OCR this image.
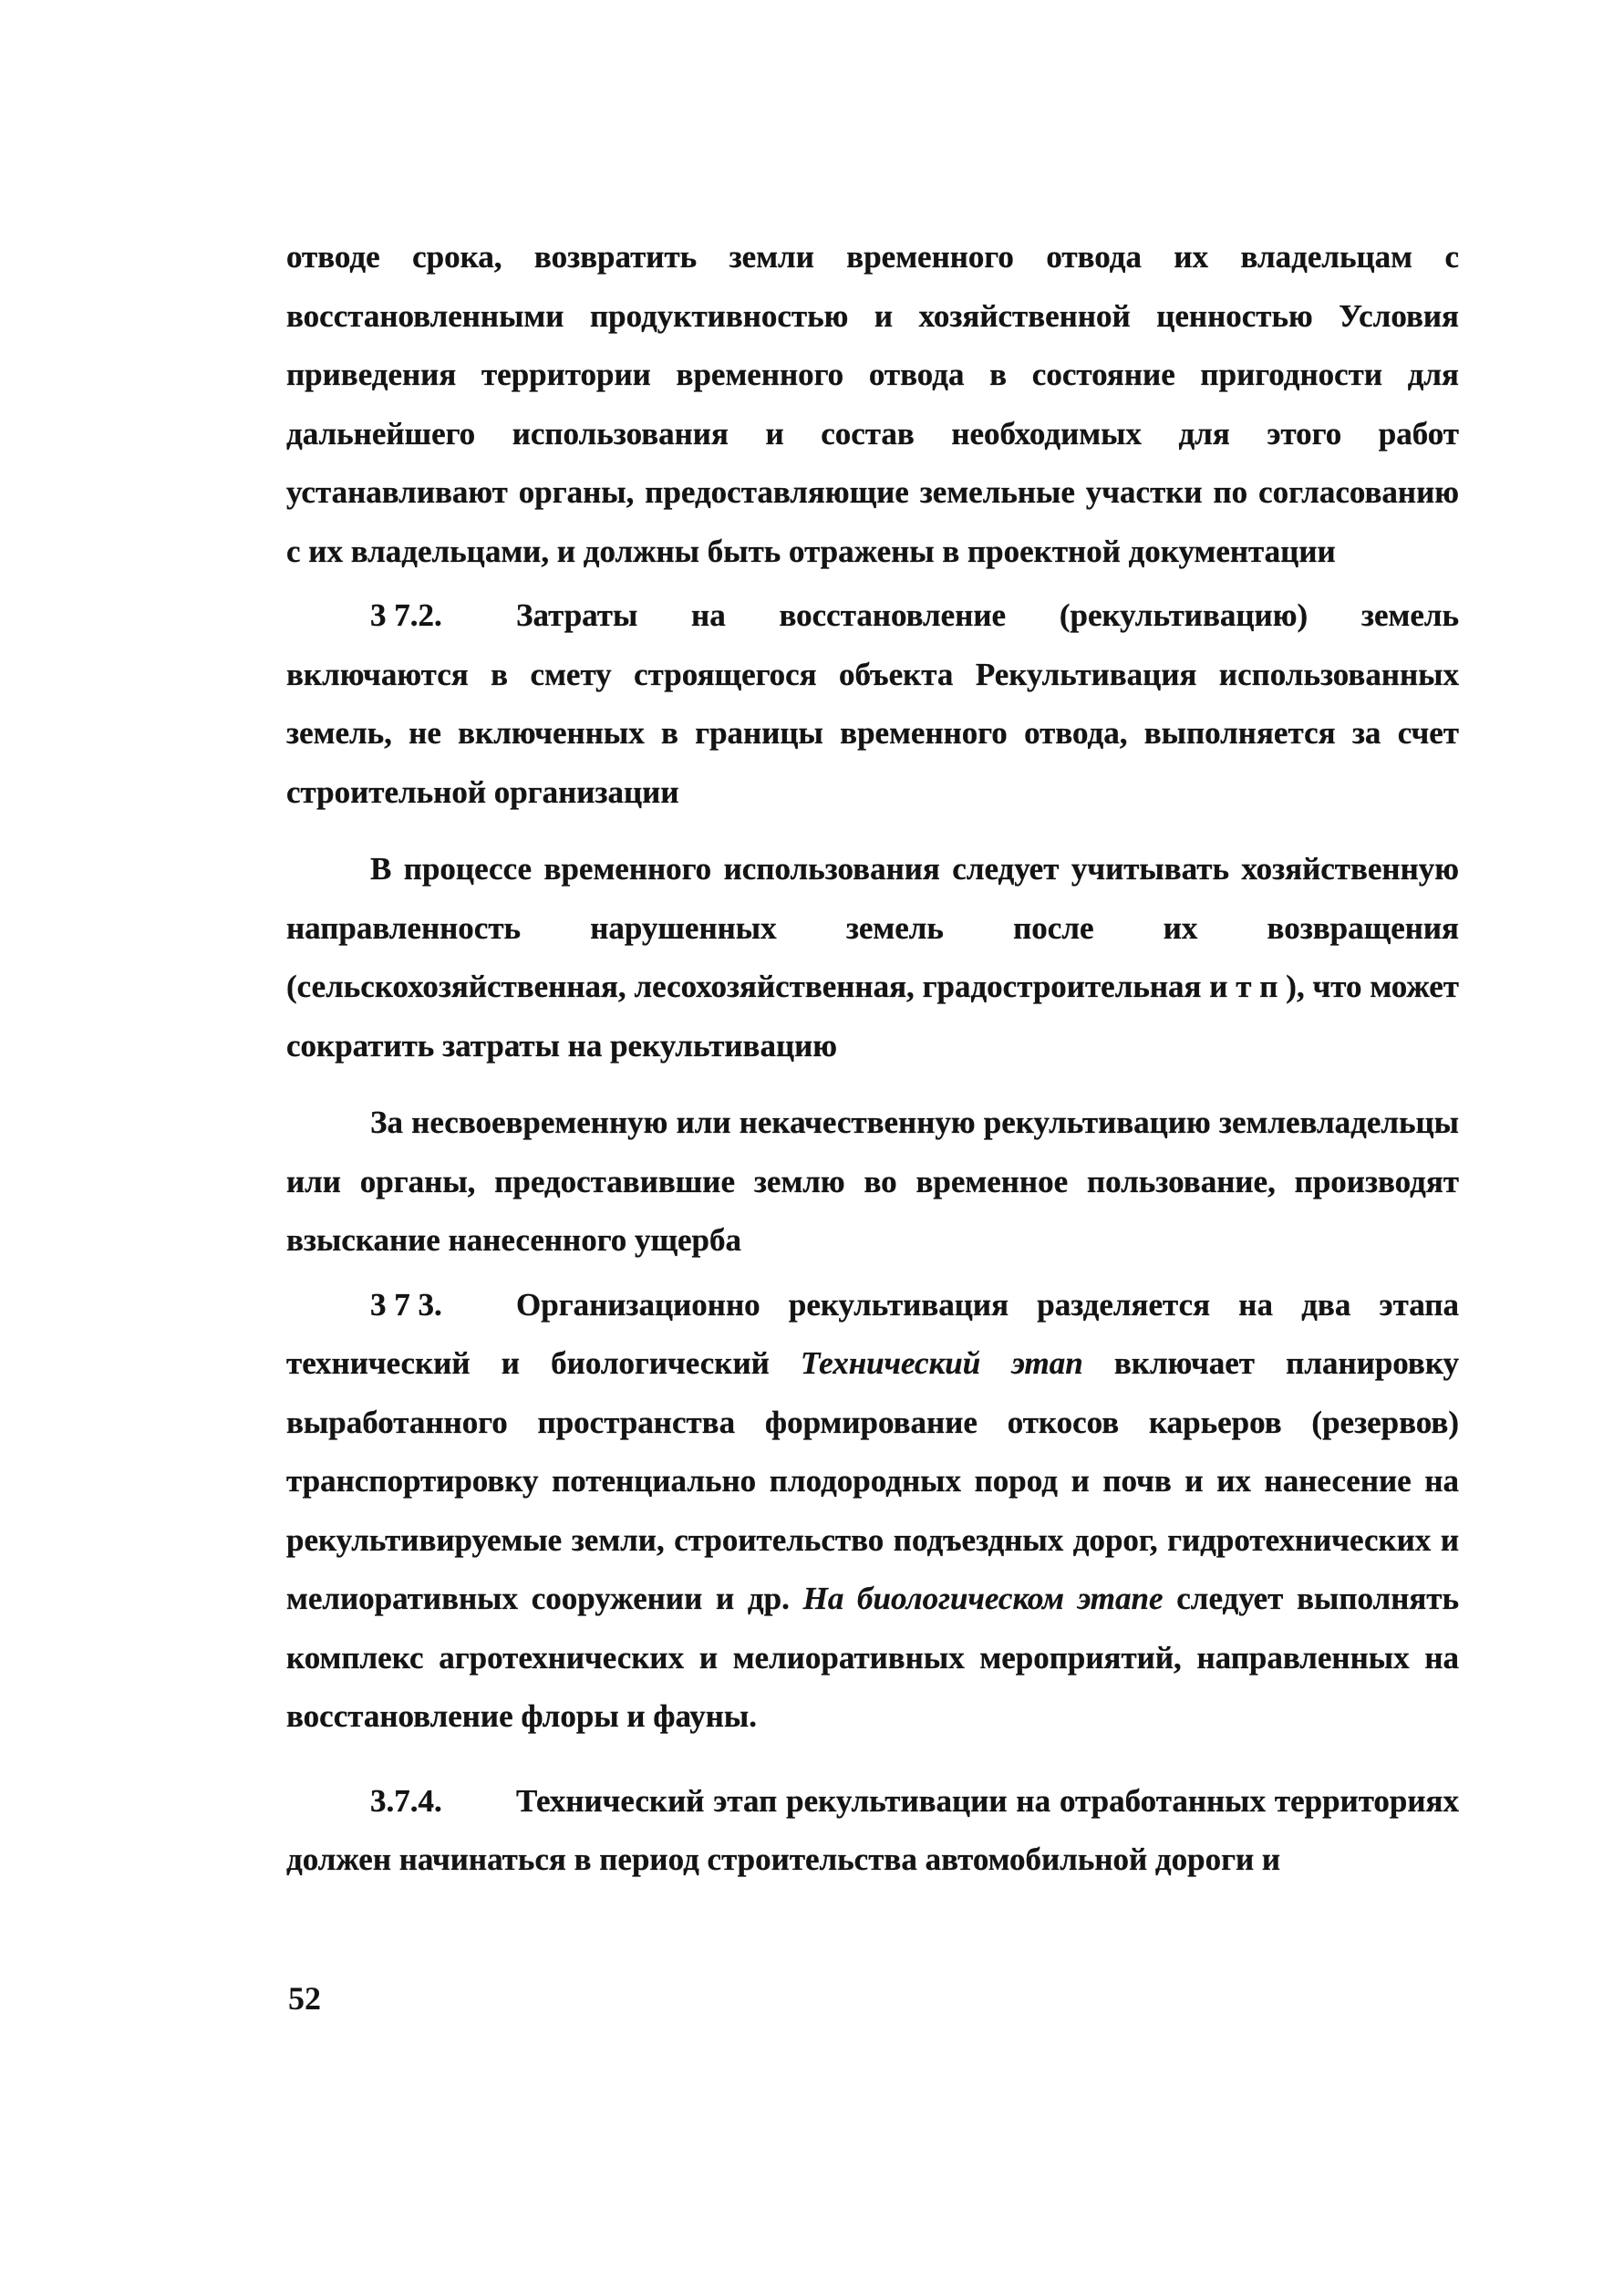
отводе срока, возвратить земли временного отвода их владельцам с восстановленными продуктивностью и хозяйственной ценностью Условия приведения территории временного отвода в состояние пригодности для дальнейшего использования и состав необходимых для этого работ устанавливают органы, предоставляющие земельные участки по согласованию с их владельцами, и должны быть отражены в проектной документации

3 7.2. Затраты на восстановление (рекультивацию) земель включаются в смету строящегося объекта Рекультивация использованных земель, не включенных в границы временного отвода, выполняется за счет строительной организации

В процессе временного использования следует учитывать хозяйственную направленность нарушенных земель после их возвращения (сельскохозяйственная, лесохозяйственная, градостроительная и т п ), что может сократить затраты на рекультивацию

За несвоевременную или некачественную рекультивацию землевладельцы или органы, предоставившие землю во временное пользование, производят взыскание нанесенного ущерба

3 7 3. Организационно рекультивация разделяется на два этапа технический и биологический Технический этап включает планировку выработанного пространства формирование откосов карьеров (резервов) транспортировку потенциально плодородных пород и почв и их нанесение на рекультивируемые земли, строительство подъездных дорог, гидротехнических и мелиоративных сооружении и др. На биологическом этапе следует выполнять комплекс агротехнических и мелиоративных мероприятий, направленных на восстановление флоры и фауны.

3.7.4. Технический этап рекультивации на отработанных территориях должен начинаться в период строительства автомобильной дороги и

52
